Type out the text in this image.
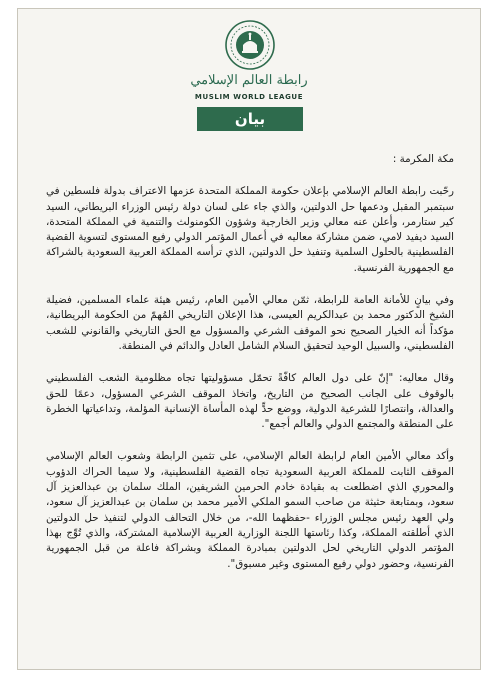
رابطة العالم الإسلامي
MUSLIM WORLD LEAGUE
بيان

مكة المكرمة :

رحّبت رابطة العالم الإسلامي بإعلان حكومة المملكة المتحدة عزمها الاعتراف بدولة فلسطين في سبتمبر المقبل ودعمها حل الدولتين، والذي جاء على لسان دولة رئيس الوزراء البريطاني، السيد كير ستارمر، وأعلن عنه معالي وزير الخارجية وشؤون الكومنولث والتنمية في المملكة المتحدة، السيد ديفيد لامي، ضمن مشاركة معاليه في أعمال المؤتمر الدولي رفيع المستوى لتسوية القضية الفلسطينية بالحلول السلمية وتنفيذ حل الدولتين، الذي ترأسه المملكة العربية السعودية بالشراكة مع الجمهورية الفرنسية.

وفي بيانٍ للأمانة العامة للرابطة، ثمّن معالي الأمين العام، رئيس هيئة علماء المسلمين، فضيلة الشيخ الدكتور محمد بن عبدالكريم العيسى، هذا الإعلان التاريخي المُهمّ من الحكومة البريطانية، مؤكداً أنه الخيار الصحيح نحو الموقف الشرعي والمسؤول مع الحق التاريخي والقانوني للشعب الفلسطيني، والسبيل الوحيد لتحقيق السلام الشامل العادل والدائم في المنطقة.

وقال معاليه: "إنّ على دول العالم كافّةً تحمّل مسؤوليتها تجاه مظلومية الشعب الفلسطيني بالوقوف على الجانب الصحيح من التاريخ، واتخاذ الموقف الشرعي المسؤول، دعمًا للحق والعدالة، وانتصارًا للشرعية الدولية، ووضع حدٍّ لهذه المأساة الإنسانية المؤلمة، وتداعياتها الخطرة على المنطقة والمجتمع الدولي والعالم أجمع".

وأكد معالي الأمين العام لرابطة العالم الإسلامي، على تثمين الرابطة وشعوب العالم الإسلامي الموقف الثابت للمملكة العربية السعودية تجاه القضية الفلسطينية، ولا سيما الحراك الدؤوب والمحوري الذي اضطلعت به بقيادة خادم الحرمين الشريفين، الملك سلمان بن عبدالعزيز آل سعود، وبمتابعة حثيثة من صاحب السمو الملكي الأمير محمد بن سلمان بن عبدالعزيز آل سعود، ولي العهد رئيس مجلس الوزراء -حفظهما الله-، من خلال التحالف الدولي لتنفيذ حل الدولتين الذي أطلقته المملكة، وكذا رئاستها اللجنة الوزارية العربية الإسلامية المشتركة، والذي تُوِّج بهذا المؤتمر الدولي التاريخي لحل الدولتين بمبادرة المملكة وبشراكة فاعلة من قبل الجمهورية الفرنسية، وحضور دولي رفيع المستوى وغير مسبوق".
